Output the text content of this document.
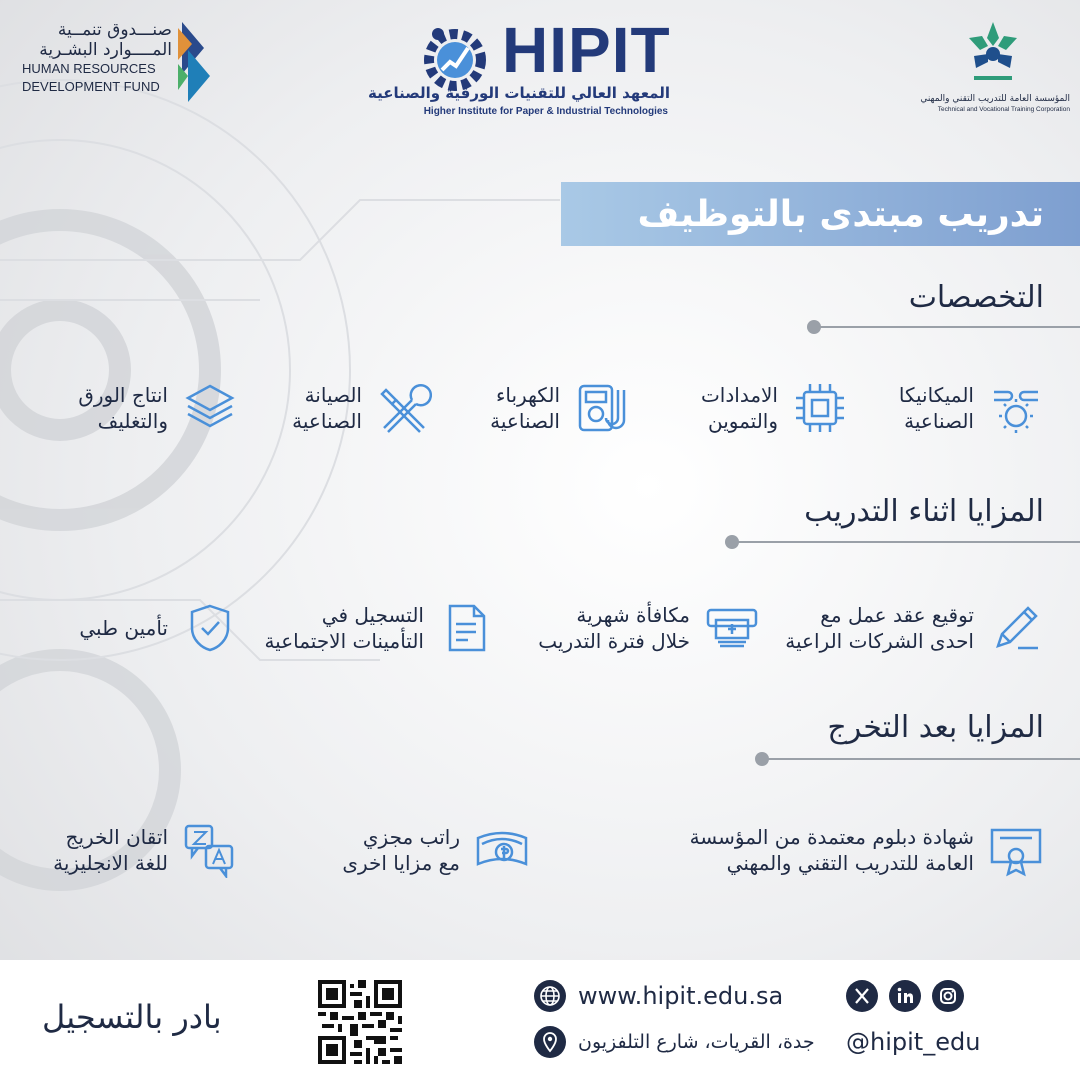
صنـــدوق تنمــية
المــــوارد البشـرية
HUMAN RESOURCES
DEVELOPMENT FUND
HIPIT
المعهد العالي للتقنيات الورقية والصناعية
Higher Institute for Paper & Industrial Technologies
المؤسسة العامة للتدريب التقني والمهني
Technical and Vocational Training Corporation
تدريب مبتدى بالتوظيف
التخصصات
الميكانيكا
الصناعية
الامدادات
والتموين
الكهرباء
الصناعية
الصيانة
الصناعية
انتاج الورق
والتغليف
المزايا اثناء التدريب
توقيع عقد عمل مع
احدى الشركات الراعية
مكافأة شهرية
خلال فترة التدريب
التسجيل في
التأمينات الاجتماعية
تأمين طبي
المزايا بعد التخرج
شهادة دبلوم معتمدة من المؤسسة
العامة للتدريب التقني والمهني
راتب مجزي
مع مزايا اخرى
اتقان الخريج
للغة الانجليزية
بادر بالتسجيل
www.hipit.edu.sa
جدة، القريات، شارع التلفزيون @hipit_edu
